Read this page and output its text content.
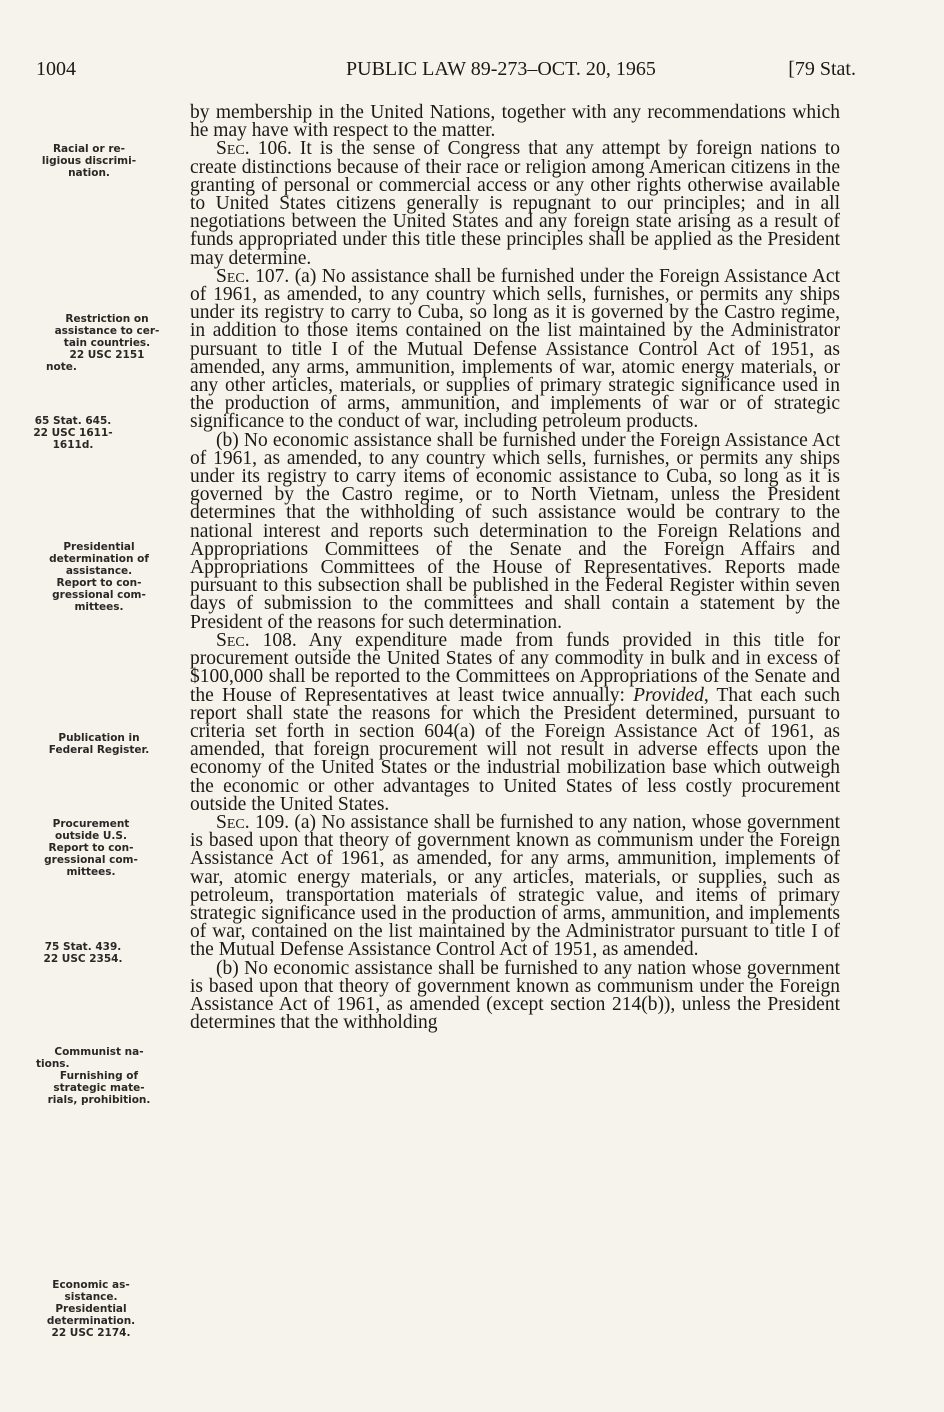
1004	PUBLIC LAW 89-273–OCT. 20, 1965	[79 Stat.
Racial or re-
ligious discrimi-
nation.
Restriction on
assistance to cer-
tain countries.
22 USC 2151
note.
65 Stat. 645.
22 USC 1611-
1611d.
Presidential
determination of
assistance.
Report to con-
gressional com-
mittees.
Publication in
Federal Register.
Procurement
outside U.S.
Report to con-
gressional com-
mittees.
75 Stat. 439.
22 USC 2354.
Communist na-
tions.
Furnishing of
strategic mate-
rials, prohibition.
Economic as-
sistance.
Presidential
determination.
22 USC 2174.

by membership in the United Nations, together with any recommendations which he may have with respect to the matter.

Sec. 106. It is the sense of Congress that any attempt by foreign nations to create distinctions because of their race or religion among American citizens in the granting of personal or commercial access or any other rights otherwise available to United States citizens generally is repugnant to our principles; and in all negotiations between the United States and any foreign state arising as a result of funds appropriated under this title these principles shall be applied as the President may determine.

Sec. 107. (a) No assistance shall be furnished under the Foreign Assistance Act of 1961, as amended, to any country which sells, furnishes, or permits any ships under its registry to carry to Cuba, so long as it is governed by the Castro regime, in addition to those items contained on the list maintained by the Administrator pursuant to title I of the Mutual Defense Assistance Control Act of 1951, as amended, any arms, ammunition, implements of war, atomic energy materials, or any other articles, materials, or supplies of primary strategic significance used in the production of arms, ammunition, and implements of war or of strategic significance to the conduct of war, including petroleum products.

(b) No economic assistance shall be furnished under the Foreign Assistance Act of 1961, as amended, to any country which sells, furnishes, or permits any ships under its registry to carry items of economic assistance to Cuba, so long as it is governed by the Castro regime, or to North Vietnam, unless the President determines that the withholding of such assistance would be contrary to the national interest and reports such determination to the Foreign Relations and Appropriations Committees of the Senate and the Foreign Affairs and Appropriations Committees of the House of Representatives. Reports made pursuant to this subsection shall be published in the Federal Register within seven days of submission to the committees and shall contain a statement by the President of the reasons for such determination.

Sec. 108. Any expenditure made from funds provided in this title for procurement outside the United States of any commodity in bulk and in excess of $100,000 shall be reported to the Committees on Appropriations of the Senate and the House of Representatives at least twice annually: Provided, That each such report shall state the reasons for which the President determined, pursuant to criteria set forth in section 604(a) of the Foreign Assistance Act of 1961, as amended, that foreign procurement will not result in adverse effects upon the economy of the United States or the industrial mobilization base which outweigh the economic or other advantages to United States of less costly procurement outside the United States.

Sec. 109. (a) No assistance shall be furnished to any nation, whose government is based upon that theory of government known as communism under the Foreign Assistance Act of 1961, as amended, for any arms, ammunition, implements of war, atomic energy materials, or any articles, materials, or supplies, such as petroleum, transportation materials of strategic value, and items of primary strategic significance used in the production of arms, ammunition, and implements of war, contained on the list maintained by the Administrator pursuant to title I of the Mutual Defense Assistance Control Act of 1951, as amended.

(b) No economic assistance shall be furnished to any nation whose government is based upon that theory of government known as communism under the Foreign Assistance Act of 1961, as amended (except section 214(b)), unless the President determines that the withholding
